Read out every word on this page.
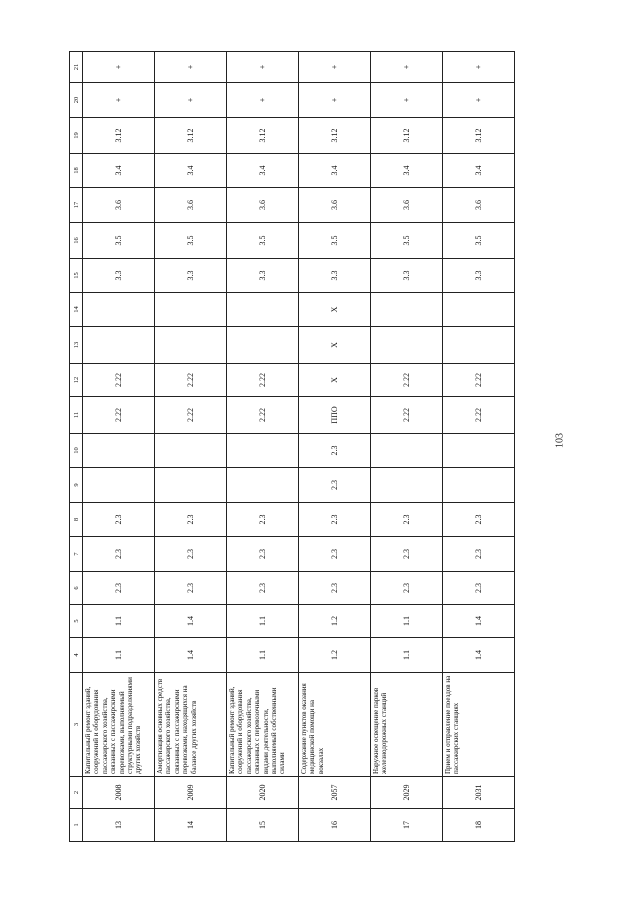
103
1	2	3	4	5	6	7	8	9	10	11	12	13	14	15	16	17	18	19	20	21
13	2008	Капитальный ремонт зданий, сооружений и оборудования пассажирского хозяйства, связанных с пассажирскими перевозками, выполняемый структурными подразделениями других хозяйств	1.1	1.1	2.3	2.3	2.3			2.22	2.22			3.3	3.5	3.6	3.4	3.12	+	+
14	2009	Амортизация основных средств пассажирского хозяйства, связанных с пассажирскими перевозками, находящихся на балансе других хозяйств	1.4	1.4	2.3	2.3	2.3			2.22	2.22			3.3	3.5	3.6	3.4	3.12	+	+
15	2020	Капитальный ремонт зданий, сооружений и оборудования пассажирского хозяйства, связанных с перевозочными видами деятельности, выполняемый собственными силами	1.1	1.1	2.3	2.3	2.3			2.22	2.22			3.3	3.5	3.6	3.4	3.12	+	+
16	2057	Содержание пунктов оказания медицинской помощи на вокзалах	1.2	1.2	2.3	2.3	2.3	2.3	2.3	ППО	Х	Х	Х	3.3	3.5	3.6	3.4	3.12	+	+
17	2029	Наружное освещение парков железнодорожных станций	1.1	1.1	2.3	2.3	2.3			2.22	2.22			3.3	3.5	3.6	3.4	3.12	+	+
18	2031	Прием и отправление поездов на пассажирских станциях	1.4	1.4	2.3	2.3	2.3			2.22	2.22			3.3	3.5	3.6	3.4	3.12	+	+
